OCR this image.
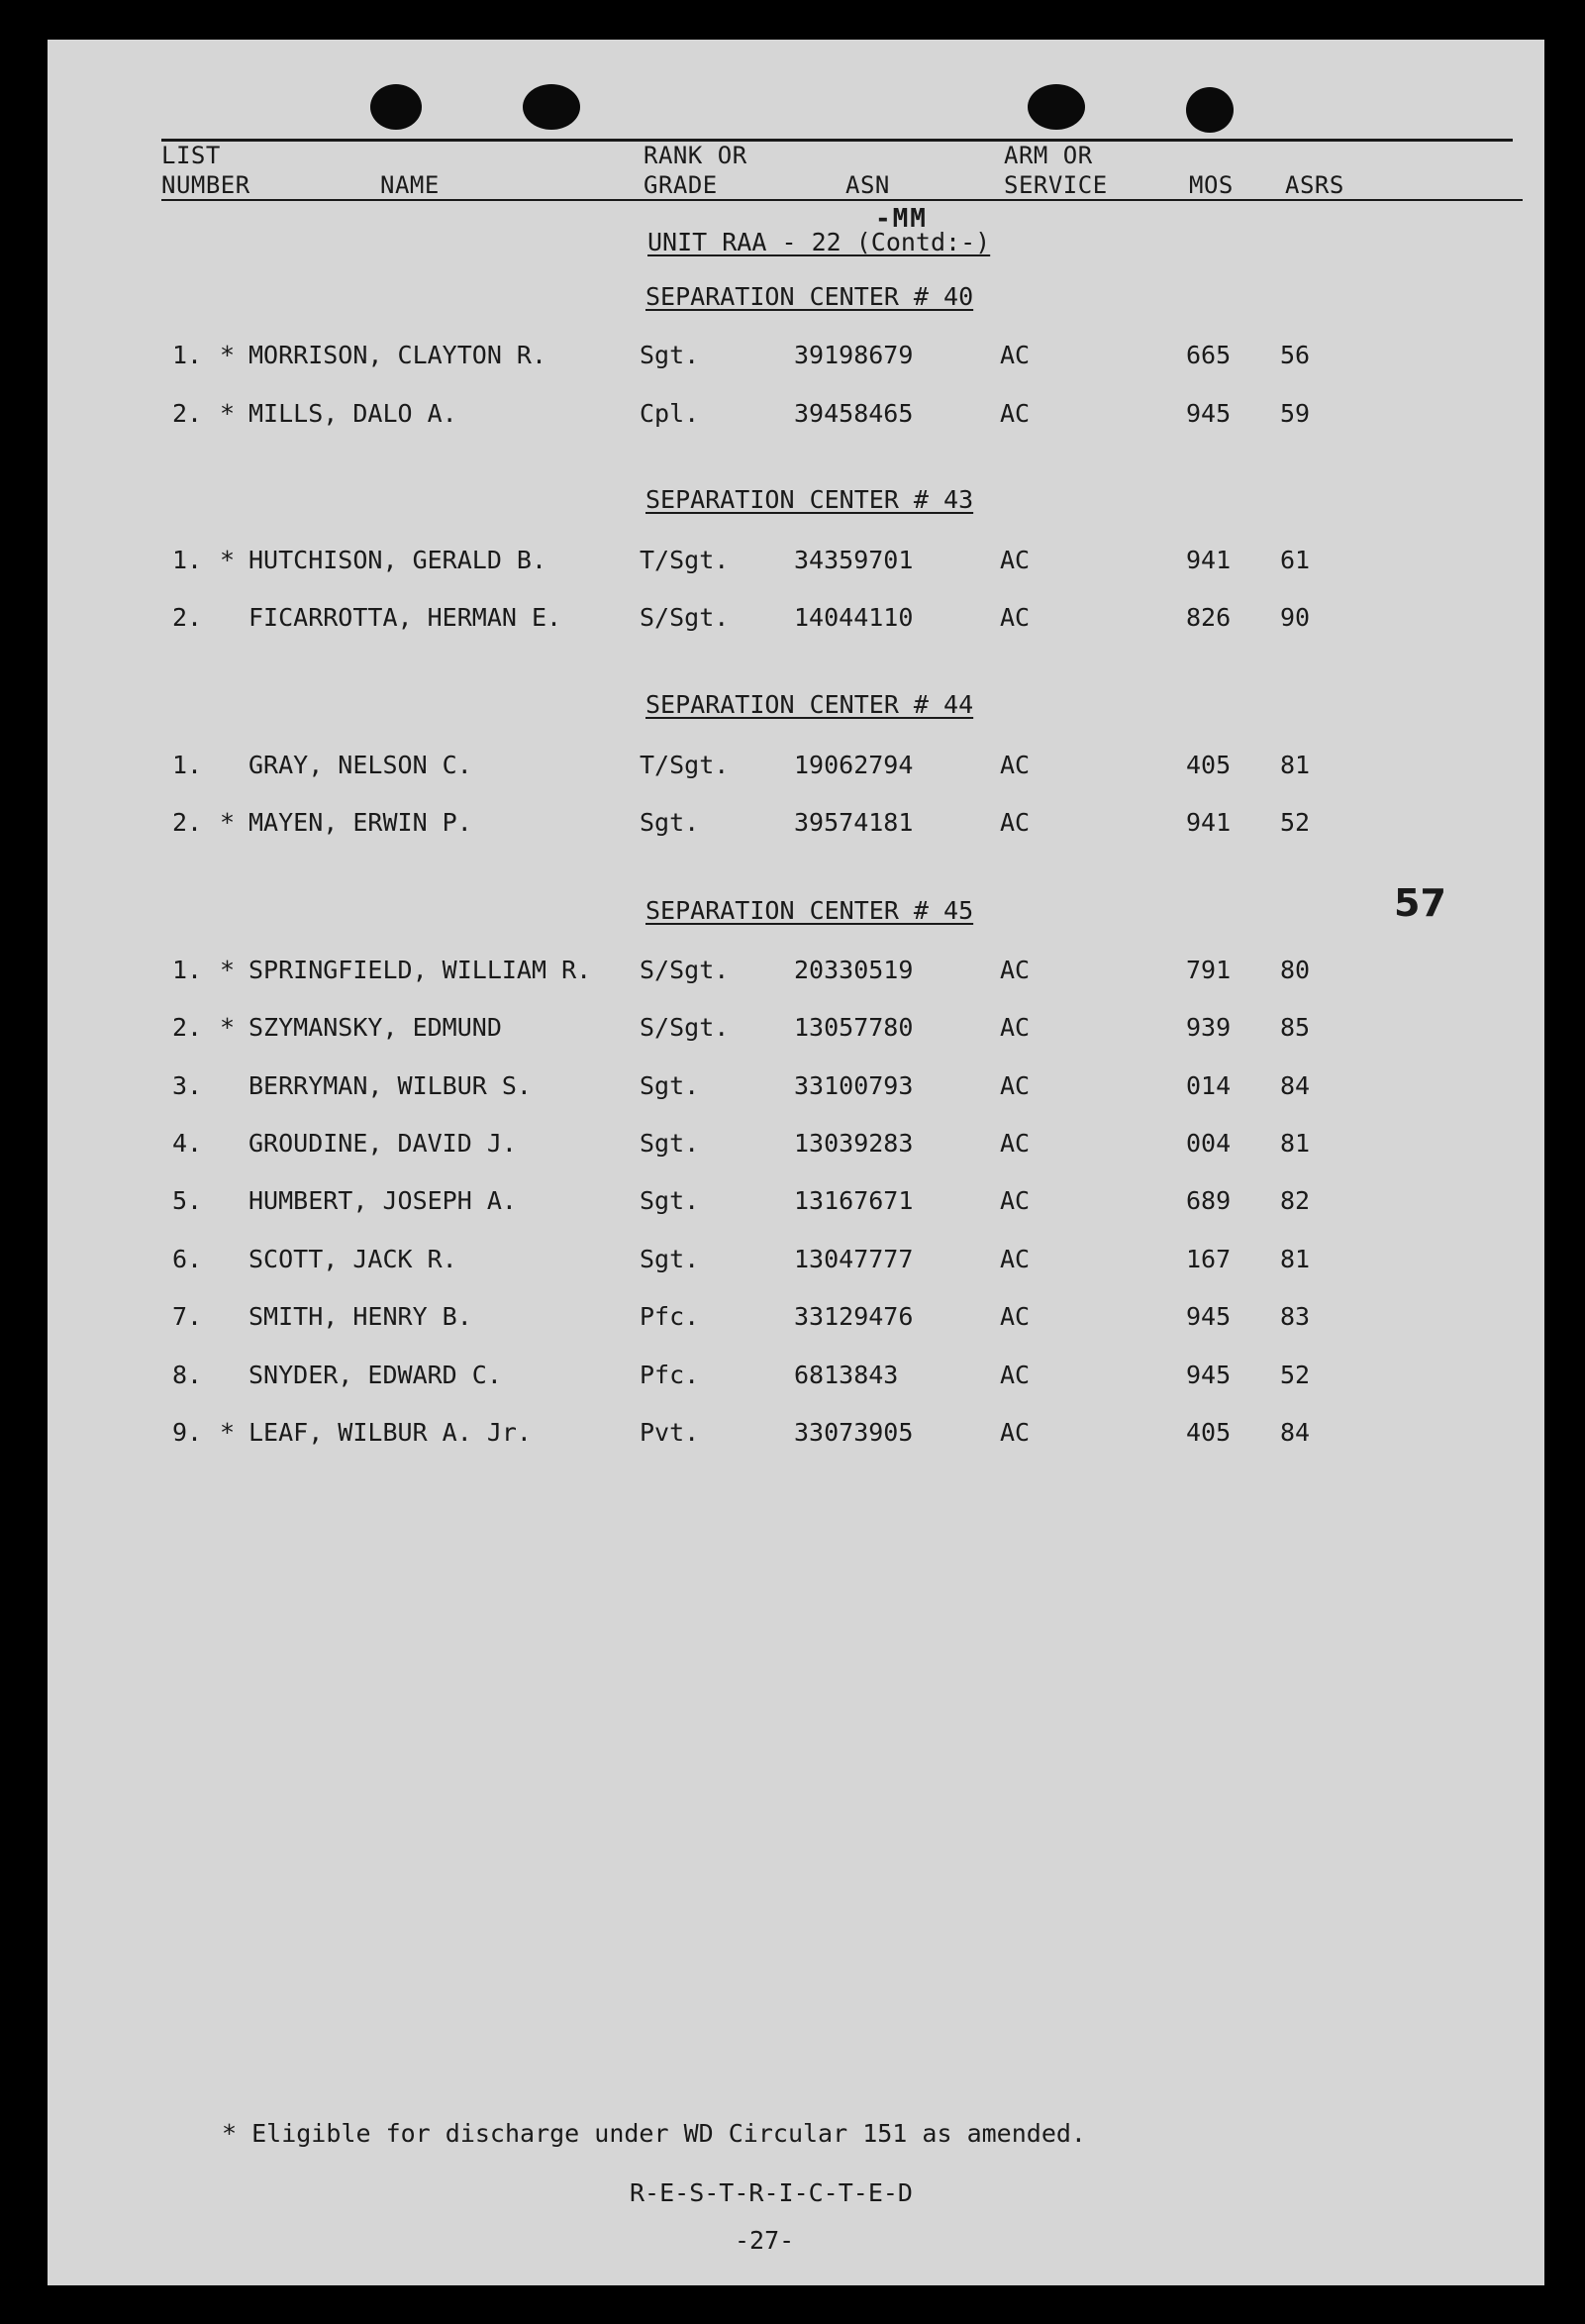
LIST
NUMBER	NAME
RANK OR
GRADE	ASN
ARM OR
SERVICE	MOS ASRS
-MM
UNIT RAA - 22 (Contd:-)
SEPARATION CENTER # 40
1. * MORRISON, CLAYTON R.	Sgt.	39198679	AC	665 56
2. * MILLS, DALO A.	Cpl.	39458465	AC	945 59
SEPARATION CENTER # 43
1. * HUTCHISON, GERALD B.	T/Sgt.	34359701	AC	941 61
2. FICARROTTA, HERMAN E.	S/Sgt.	14044110	AC	826 90
SEPARATION CENTER # 44
1. GRAY, NELSON C.	T/Sgt.	19062794	AC	405 81
2. * MAYEN, ERWIN P.	Sgt.	39574181	AC	941 52
SEPARATION CENTER # 45
1. * SPRINGFIELD, WILLIAM R. S/Sgt.	20330519	AC	791 80
2. * SZYMANSKY, EDMUND	S/Sgt.	13057780	AC	939 85
3. BERRYMAN, WILBUR S.	Sgt.	33100793	AC	014 84
4. GROUDINE, DAVID J.	Sgt.	13039283	AC	004 81
5. HUMBERT, JOSEPH A.	Sgt.	13167671	AC	689 82
6. SCOTT, JACK R.	Sgt.	13047777	AC	167 81
7. SMITH, HENRY B.	Pfc.	33129476	AC	945 83
8. SNYDER, EDWARD C.	Pfc.	6813843	AC	945 52
9. * LEAF, WILBUR A. Jr.	Pvt.	33073905	AC	405 84
57
* Eligible for discharge under WD Circular 151 as amended.
R-E-S-T-R-I-C-T-E-D
-27-
